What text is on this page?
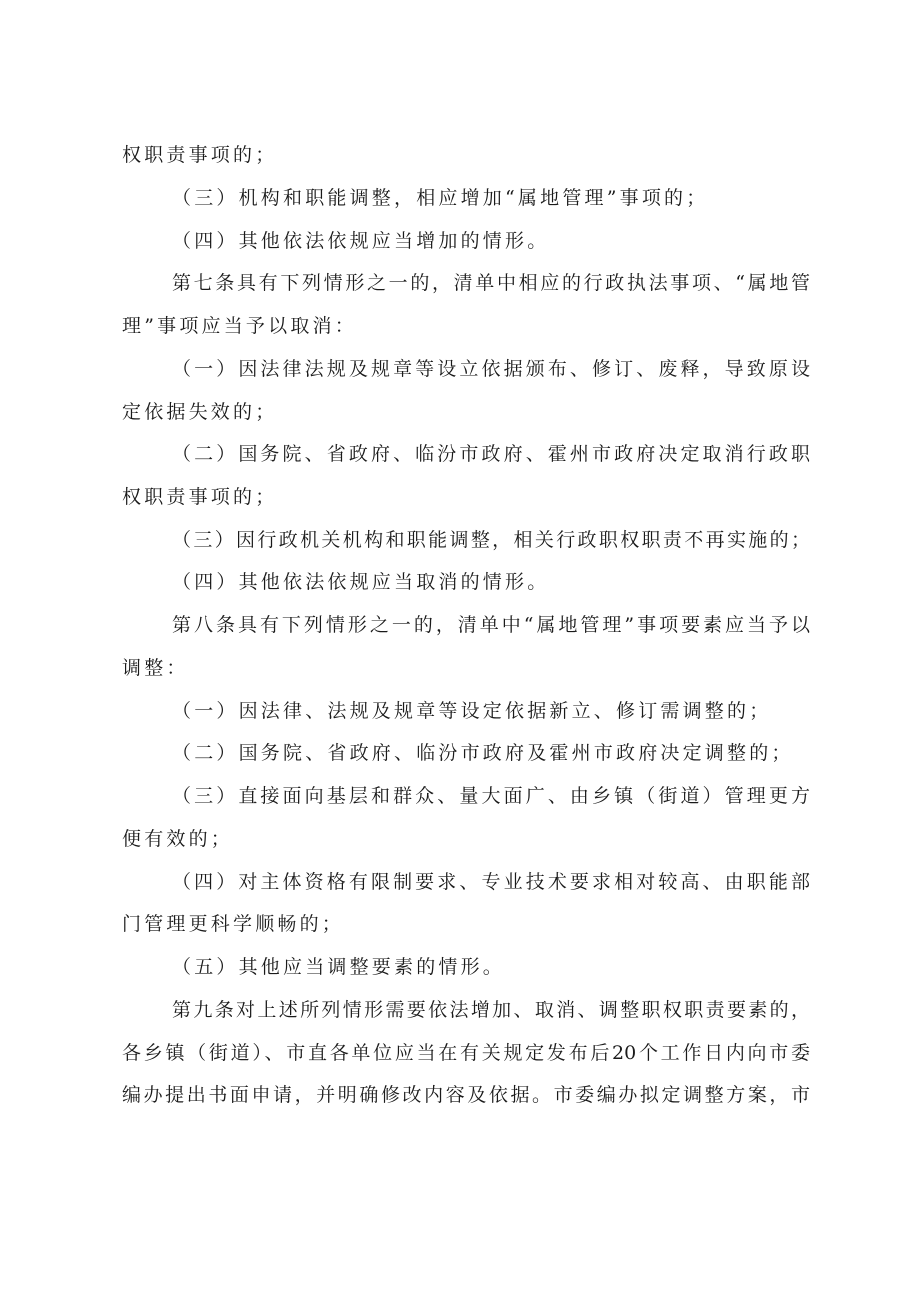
权职责事项的；
（三）机构和职能调整，相应增加“属地管理”事项的；
（四）其他依法依规应当增加的情形。
第七条具有下列情形之一的，清单中相应的行政执法事项、“属地管
理”事项应当予以取消：
（一）因法律法规及规章等设立依据颁布、修订、废释，导致原设
定依据失效的；
（二）国务院、省政府、临汾市政府、霍州市政府决定取消行政职
权职责事项的；
（三）因行政机关机构和职能调整，相关行政职权职责不再实施的；
（四）其他依法依规应当取消的情形。
第八条具有下列情形之一的，清单中“属地管理”事项要素应当予以
调整：
（一）因法律、法规及规章等设定依据新立、修订需调整的；
（二）国务院、省政府、临汾市政府及霍州市政府决定调整的；
（三）直接面向基层和群众、量大面广、由乡镇（街道）管理更方
便有效的；
（四）对主体资格有限制要求、专业技术要求相对较高、由职能部
门管理更科学顺畅的；
（五）其他应当调整要素的情形。
第九条对上述所列情形需要依法增加、取消、调整职权职责要素的，
各乡镇（街道）、市直各单位应当在有关规定发布后20个工作日内向市委
编办提出书面申请，并明确修改内容及依据。市委编办拟定调整方案，市
